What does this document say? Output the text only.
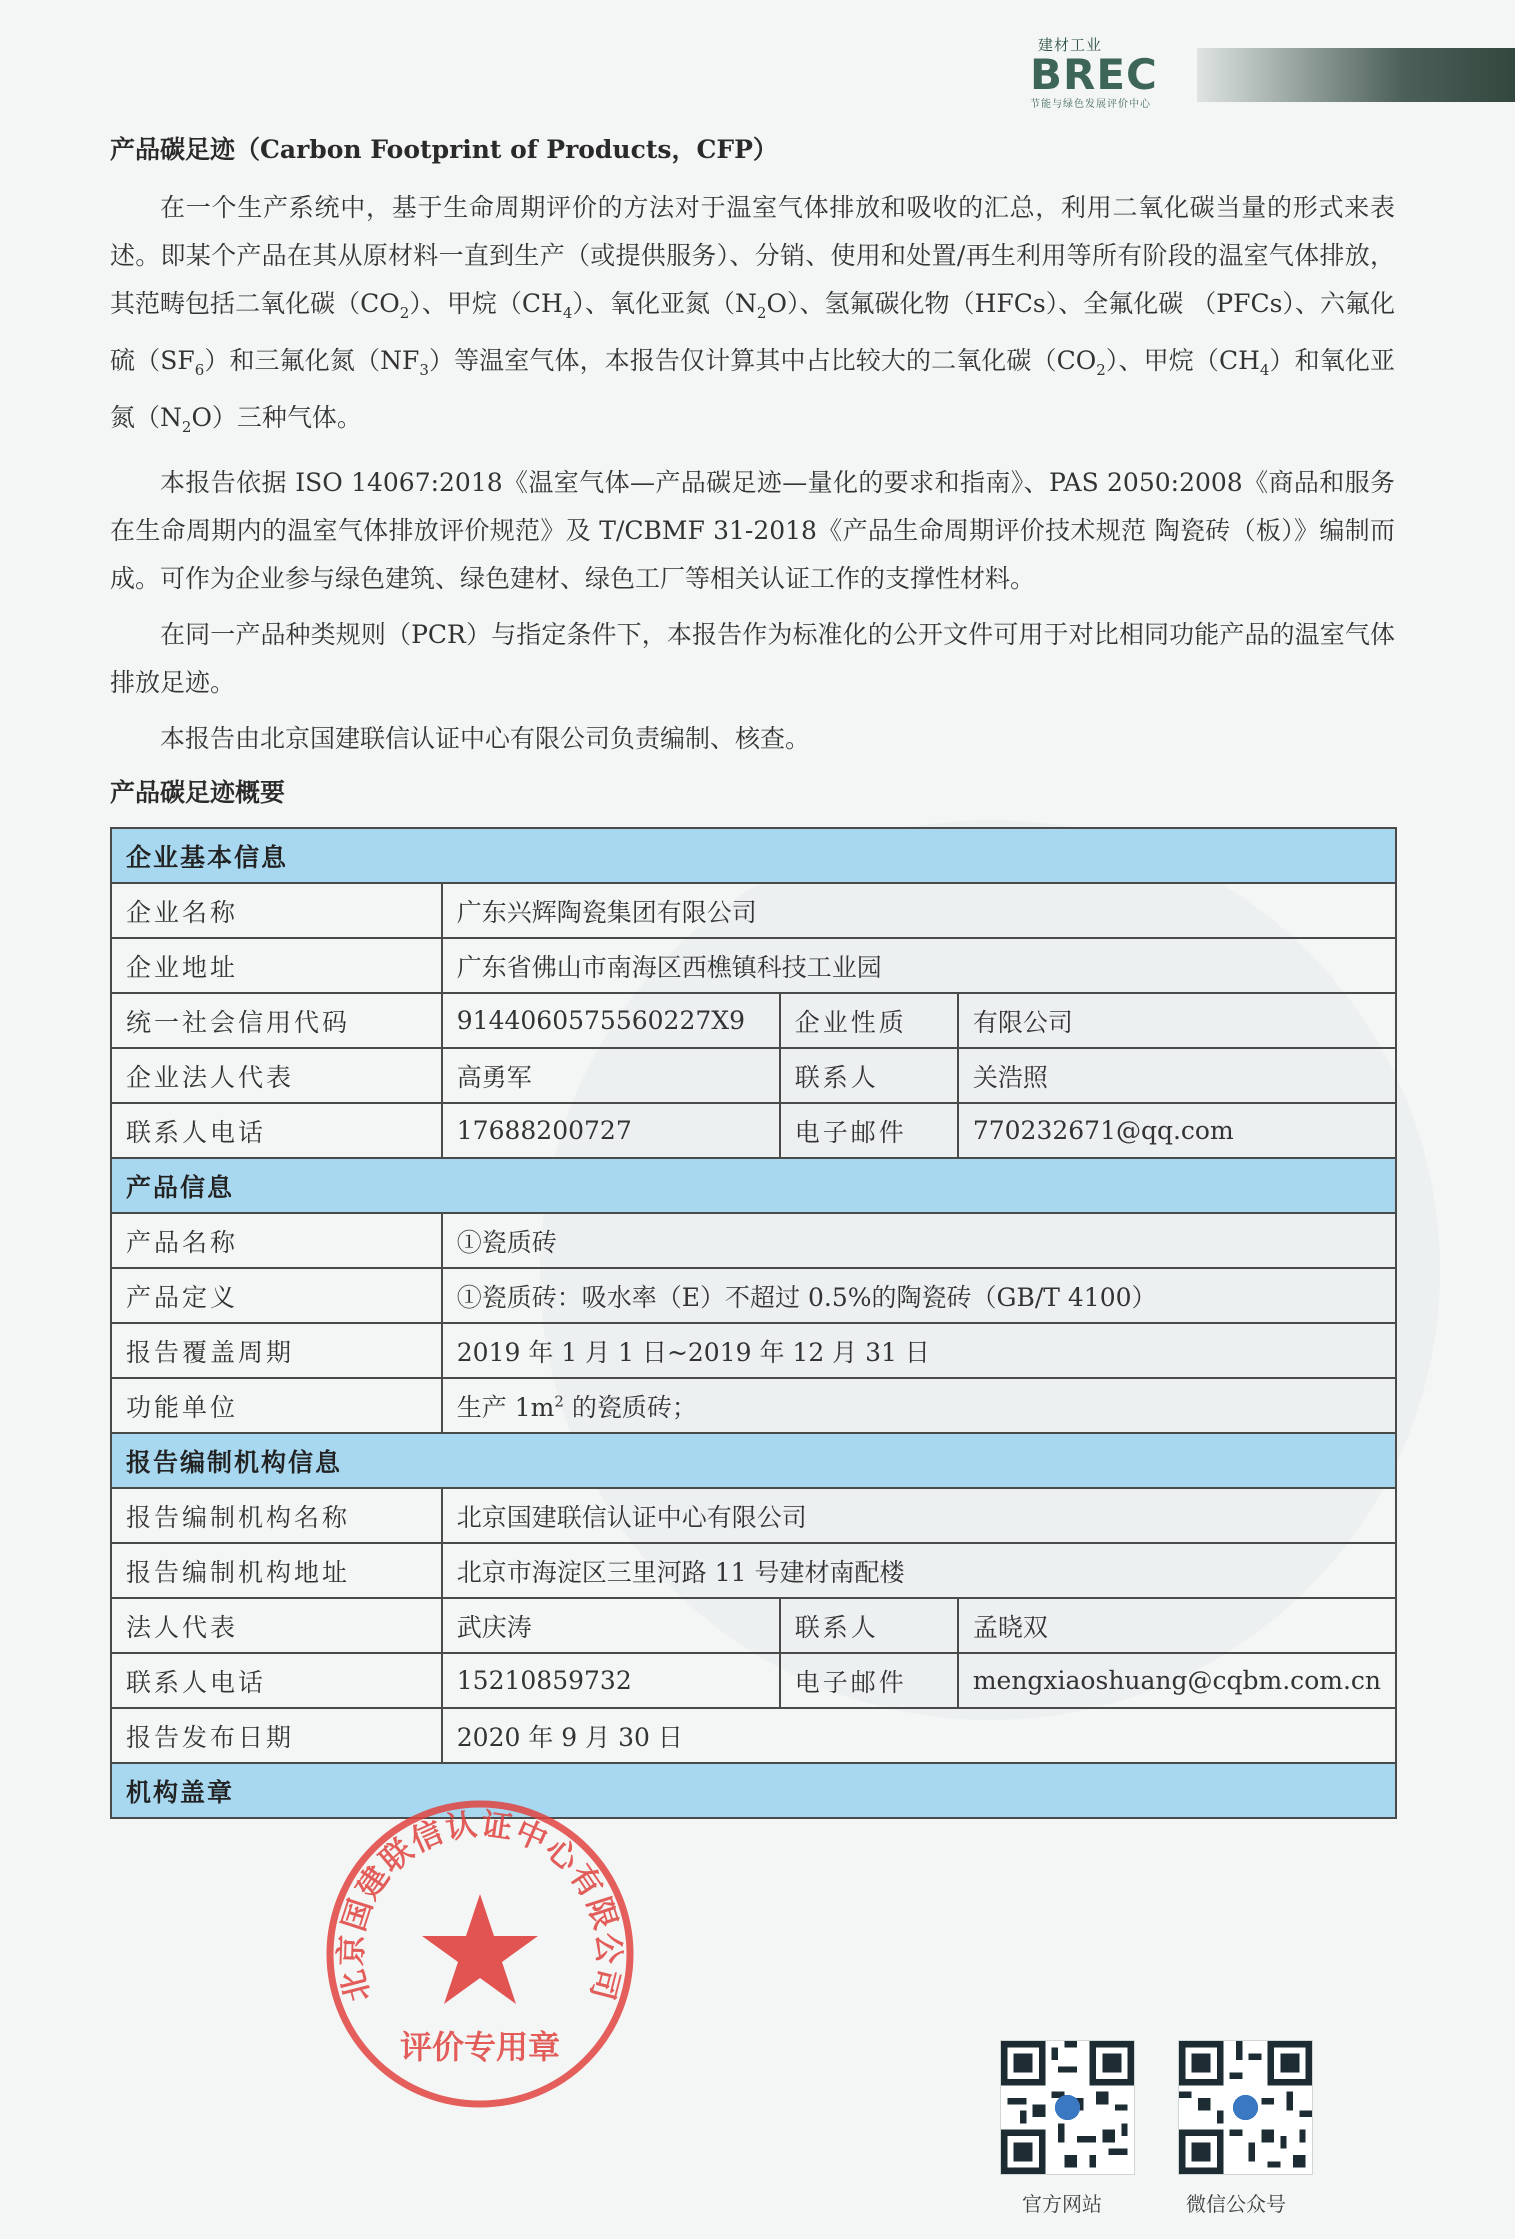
建材工业
BREC
节能与绿色发展评价中心
产品碳足迹（Carbon Footprint of Products，CFP）

在一个生产系统中，基于生命周期评价的方法对于温室气体排放和吸收的汇总，利用二氧化碳当量的形式来表述。即某个产品在其从原材料一直到生产（或提供服务）、分销、使用和处置/再生利用等所有阶段的温室气体排放，其范畴包括二氧化碳$(CO_2)$、甲烷$(CH_4)$、氧化亚氮$(N_2O)$、氢氟碳化物（HFCs）、全氟化碳 （PFCs）、六氟化硫$(SF_6)$和三氟化氮$(NF_3)$等温室气体，本报告仅计算其中占比较大的二氧化碳$(CO_2)$、甲烷$(CH_4)$和氧化亚氮$(N_2O)$三种气体。

本报告依据 ISO 14067:2018《温室气体—产品碳足迹—量化的要求和指南》、PAS 2050:2008《商品和服务在生命周期内的温室气体排放评价规范》及 T/CBMF 31-2018《产品生命周期评价技术规范 陶瓷砖（板）》编制而成。可作为企业参与绿色建筑、绿色建材、绿色工厂等相关认证工作的支撑性材料。

在同一产品种类规则（PCR）与指定条件下，本报告作为标准化的公开文件可用于对比相同功能产品的温室气体排放足迹。

本报告由北京国建联信认证中心有限公司负责编制、核查。

产品碳足迹概要
企业基本信息			
企业名称	广东兴辉陶瓷集团有限公司		
企业地址	广东省佛山市南海区西樵镇科技工业园		
统一社会信用代码	9144060575560227X9	企业性质	有限公司
企业法人代表	高勇军	联系人	关浩照
联系人电话	17688200727	电子邮件	770232671@qq.com
产品信息			
产品名称	①瓷质砖		
产品定义	①瓷质砖：吸水率（E）不超过 0.5%的陶瓷砖（GB/T 4100）		
报告覆盖周期	2019 年 1 月 1 日~2019 年 12 月 31 日		
功能单位	生产 $1m^2$ 的瓷质砖；		
报告编制机构信息			
报告编制机构名称	北京国建联信认证中心有限公司		
报告编制机构地址	北京市海淀区三里河路 11 号建材南配楼		
法人代表	武庆涛	联系人	孟晓双
联系人电话	15210859732	电子邮件	mengxiaoshuang@cqbm.com.cn
报告发布日期	2020 年 9 月 30 日		
机构盖章			
北京国建联信认证中心有限公司
评价专用章
官方网站	微信公众号
